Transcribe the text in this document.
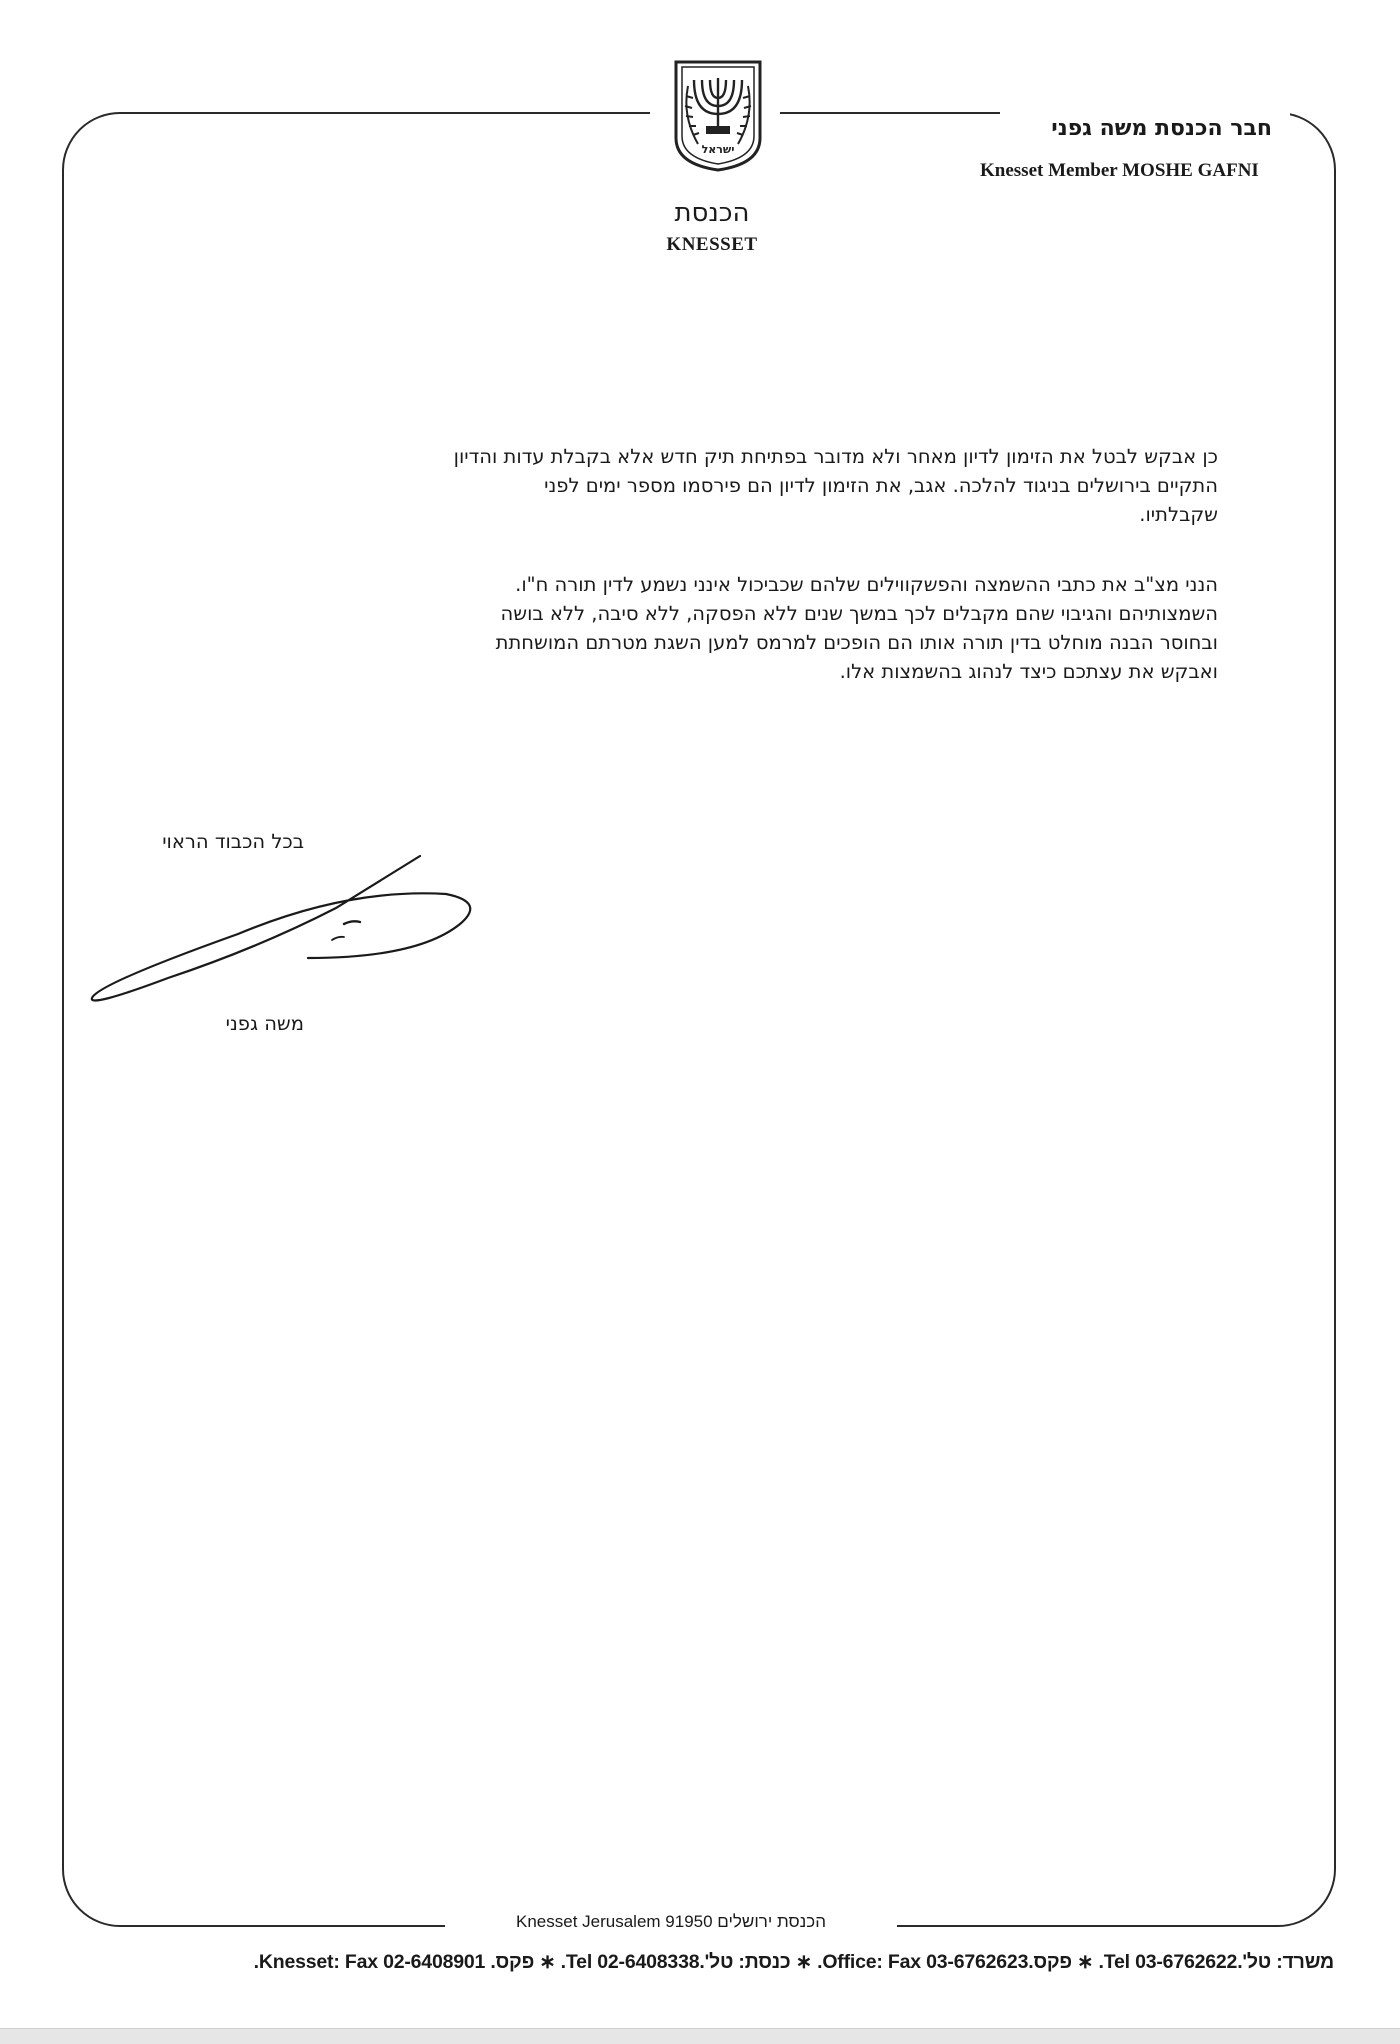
ישראל
חבר הכנסת משה גפני
Knesset Member MOSHE GAFNI
הכנסת
KNESSET

כן אבקש לבטל את הזימון לדיון מאחר ולא מדובר בפתיחת תיק חדש אלא בקבלת עדות והדיון

התקיים בירושלים בניגוד להלכה. אגב, את הזימון לדיון הם פירסמו מספר ימים לפני

שקבלתיו.

הנני מצ"ב את כתבי ההשמצה והפשקווילים שלהם שכביכול אינני נשמע לדין תורה ח"ו.

השמצותיהם והגיבוי שהם מקבלים לכך במשך שנים ללא הפסקה, ללא סיבה, ללא בושה

ובחוסר הבנה מוחלט בדין תורה אותו הם הופכים למרמס למען השגת מטרתם המושחתת

ואבקש את עצתכם כיצד לנהוג בהשמצות אלו.

בכל הכבוד הראוי
משה גפני
Knesset Jerusalem 91950 הכנסת ירושלים
משרד: טל'.03-6762622 Tel. ∗ פקס.03-6762623 Office: Fax. ∗ כנסת: טל'.02-6408338 Tel. ∗ פקס. 02-6408901 Knesset: Fax.
